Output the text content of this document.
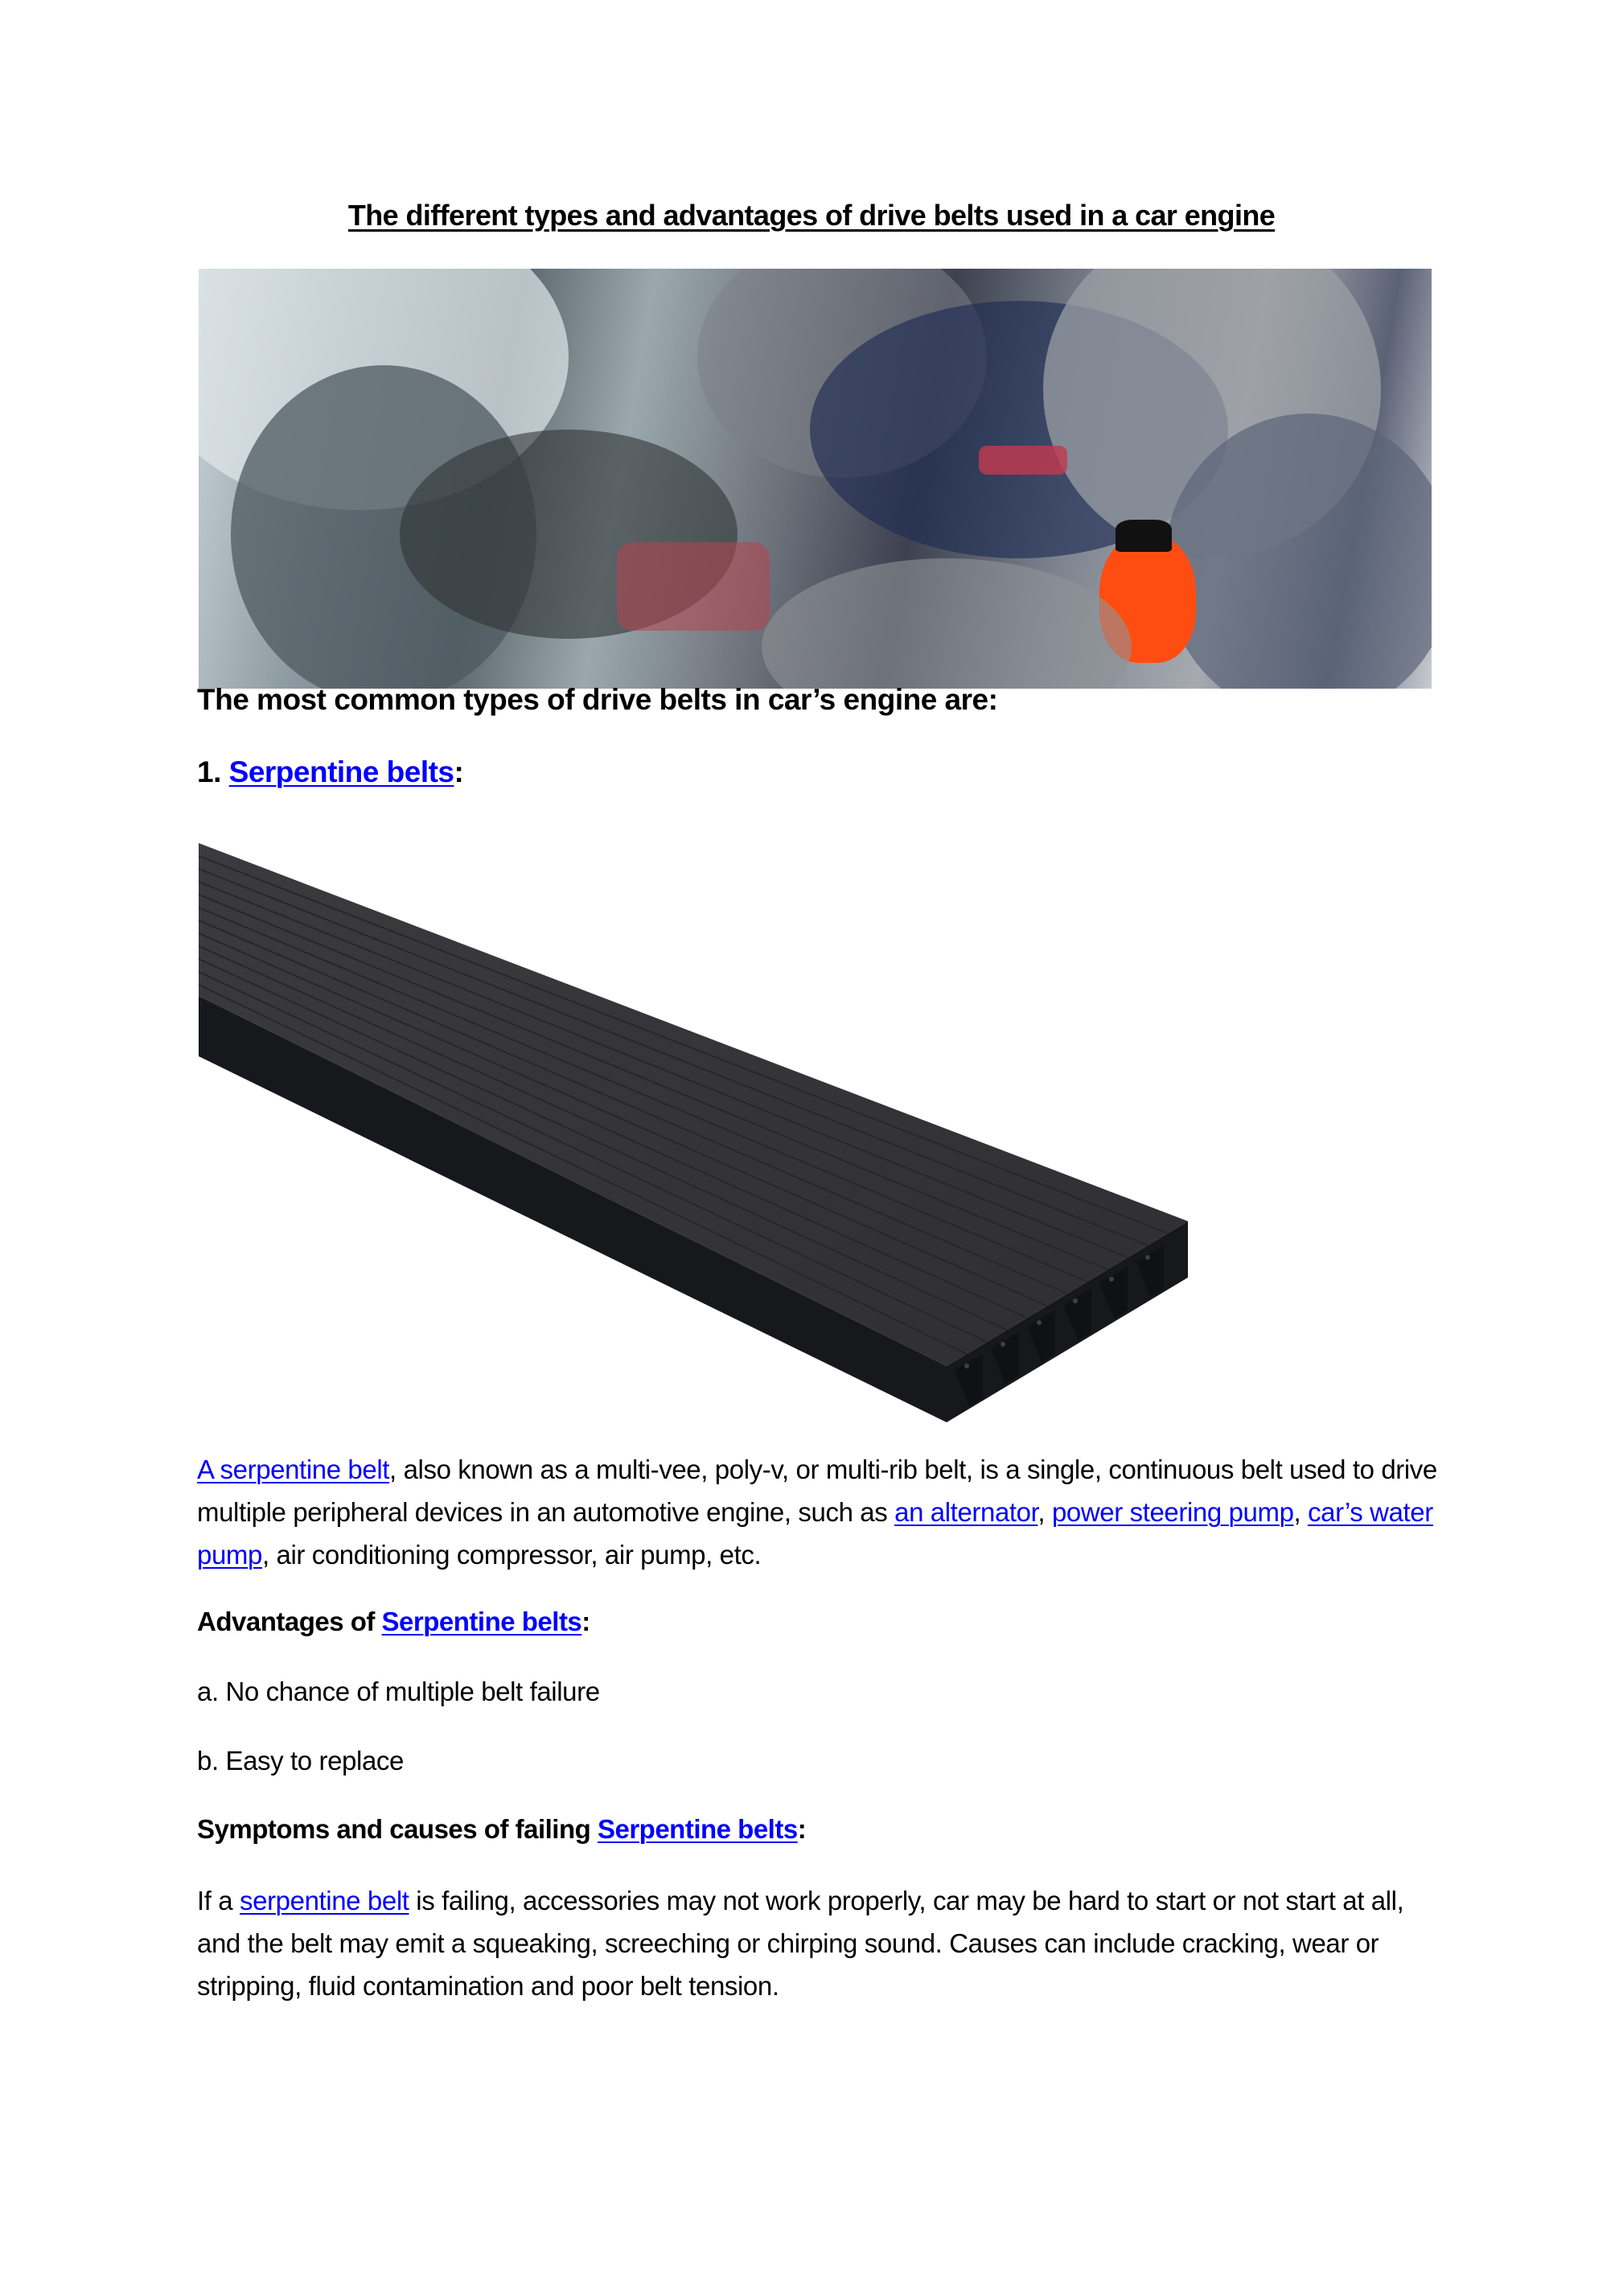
The different types and advantages of drive belts used in a car engine
The most common types of drive belts in car’s engine are:
1. Serpentine belts:
A serpentine belt, also known as a multi-vee, poly-v, or multi-rib belt, is a single, continuous belt used to drive multiple peripheral devices in an automotive engine, such as an alternator, power steering pump, car’s water pump, air conditioning compressor, air pump, etc.
Advantages of Serpentine belts:
a. No chance of multiple belt failure
b. Easy to replace
Symptoms and causes of failing Serpentine belts:
If a serpentine belt is failing, accessories may not work properly, car may be hard to start or not start at all, and the belt may emit a squeaking, screeching or chirping sound. Causes can include cracking, wear or stripping, fluid contamination and poor belt tension.
